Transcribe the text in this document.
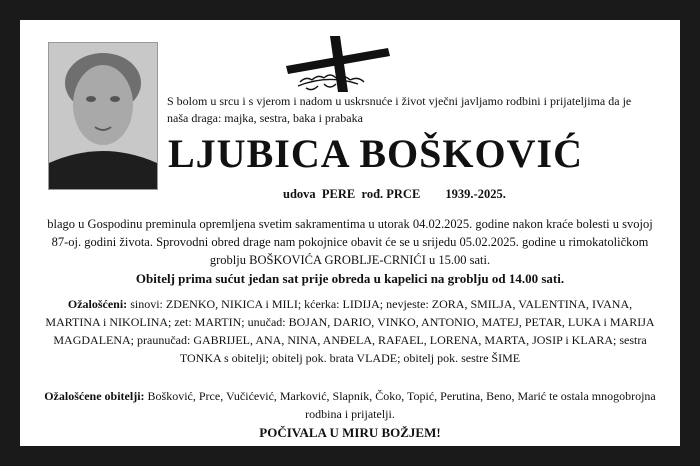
S bolom u srcu i s vjerom i nadom u uskrsnuće i život vječni javljamo rodbini i prijateljima da je naša draga: majka, sestra, baka i prabaka
LJUBICA BOŠKOVIĆ
udova  PERE  rođ. PRCE 1939.-2025.
blago u Gospodinu preminula opremljena svetim sakramentima u utorak 04.02.2025. godine nakon kraće bolesti u svojoj 87-oj. godini života. Sprovodni obred drage nam pokojnice obavit će se u srijedu 05.02.2025. godine u rimokatoličkom groblju BOŠKOVIĆA GROBLJE-CRNIĆI u 15.00 sati.
Obitelj prima sućut jedan sat prije obreda u kapelici na groblju od 14.00 sati.
Ožalošćeni: sinovi: ZDENKO, NIKICA i MILI; kćerka: LIDIJA; nevjeste: ZORA, SMILJA, VALENTINA, IVANA, MARTINA i NIKOLINA; zet: MARTIN; unučad: BOJAN, DARIO, VINKO, ANTONIO, MATEJ, PETAR, LUKA i MARIJA MAGDALENA; praunučad: GABRIJEL, ANA, NINA, ANĐELA, RAFAEL, LORENA, MARTA, JOSIP i KLARA; sestra TONKA s obitelji; obitelj pok. brata VLADE; obitelj pok. sestre ŠIME
Ožalošćene obitelji: Bošković, Prce, Vučićević, Marković, Slapnik, Čoko, Topić, Perutina, Beno, Marić te ostala mnogobrojna rodbina i prijatelji.
POČIVALA U MIRU BOŽJEM!
